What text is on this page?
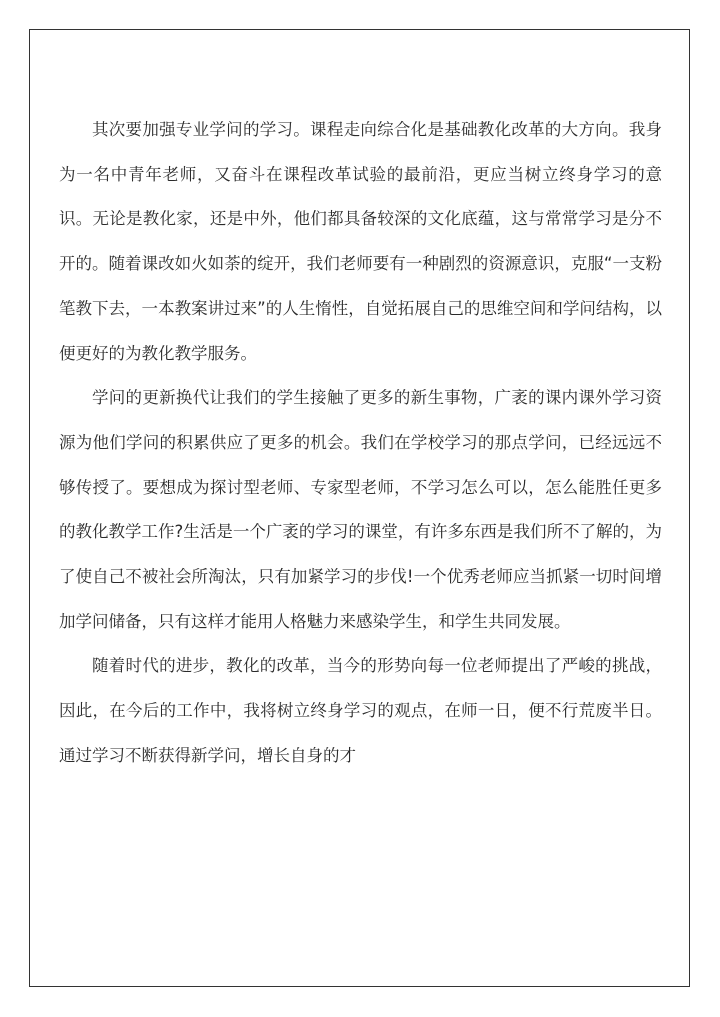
其次要加强专业学问的学习。课程走向综合化是基础教化改革的大方向。我身为一名中青年老师，又奋斗在课程改革试验的最前沿，更应当树立终身学习的意识。无论是教化家，还是中外，他们都具备较深的文化底蕴，这与常常学习是分不开的。随着课改如火如荼的绽开，我们老师要有一种剧烈的资源意识，克服“一支粉笔教下去，一本教案讲过来”的人生惰性，自觉拓展自己的思维空间和学问结构，以便更好的为教化教学服务。

学问的更新换代让我们的学生接触了更多的新生事物，广袤的课内课外学习资源为他们学问的积累供应了更多的机会。我们在学校学习的那点学问，已经远远不够传授了。要想成为探讨型老师、专家型老师，不学习怎么可以，怎么能胜任更多的教化教学工作?生活是一个广袤的学习的课堂，有许多东西是我们所不了解的，为了使自己不被社会所淘汰，只有加紧学习的步伐!一个优秀老师应当抓紧一切时间增加学问储备，只有这样才能用人格魅力来感染学生，和学生共同发展。

随着时代的进步，教化的改革，当今的形势向每一位老师提出了严峻的挑战，因此，在今后的工作中，我将树立终身学习的观点，在师一日，便不行荒废半日。通过学习不断获得新学问，增长自身的才
